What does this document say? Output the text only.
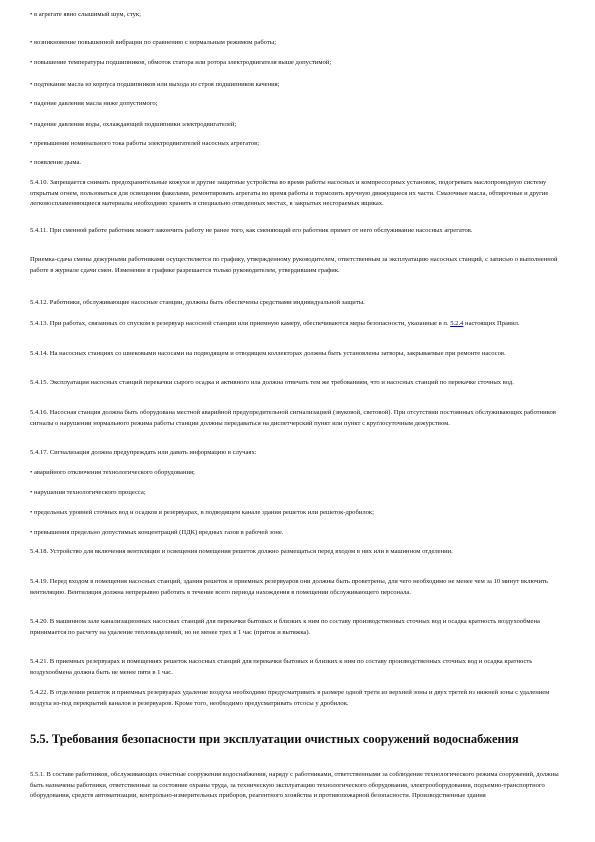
• в агрегате явно слышимый шум, стук;

• возникновение повышенной вибрации по сравнению с нормальным режимом работы;

• повышение температуры подшипников, обмоток статора или ротора электродвигателя выше допустимой;

• подтекание масла из корпуса подшипников или выхода из строя подшипников качения;

• падение давления масла ниже допустимого;

• падение давления воды, охлаждающей подшипники электродвигателей;

• превышение номинального тока работы электродвигателей насосных агрегатов;

• появление дыма.

5.4.10. Запрещается снимать предохранительные кожухи и другие защитные устройства во время работы насосных и компрессорных установок, подогревать маслопроводную систему открытым огнем, пользоваться для освещения факелами, ремонтировать агрегаты во время работы и тормозить вручную движущиеся их части. Смазочные масла, обтирочные и другие легковоспламеняющиеся материалы необходимо хранить в специально отведенных местах, в закрытых несгораемых ящиках.

5.4.11. При сменной работе работник может закончить работу не ранее того, как сменяющий его работник примет от него обслуживание насосных агрегатов.

Приемка-сдача смены дежурными работниками осуществляется по графику, утвержденному руководителем, ответственным за эксплуатацию насосных станций, с записью о выполненной работе в журнале сдачи смен. Изменение в графике разрешается только руководителем, утвердившим график.

5.4.12. Работники, обслуживающие насосные станции, должны быть обеспечены средствами индивидуальной защиты.

5.4.13. При работах, связанных со спуском в резервуар насосной станции или приемную камеру, обеспечиваются меры безопасности, указанные в п. 5.2.4 настоящих Правил.

5.4.14. На насосных станциях со шнековыми насосами на подводящем и отводящем коллекторах должны быть установлены затворы, закрываемые при ремонте насосов.

5.4.15. Эксплуатация насосных станций перекачки сырого осадка и активного ила должна отвечать тем же требованиям, что и насосных станций по перекачке сточных вод.

5.4.16. Насосная станция должна быть оборудована местной аварийной предупредительной сигнализацией (звуковой, световой). При отсутствии постоянных обслуживающих работников сигналы о нарушении нормального режима работы станции должны передаваться на диспетчерский пункт или пункт с круглосуточным дежурством.

5.4.17. Сигнализация должна предупреждать или давать информацию в случаях:

• аварийного отключения технологического оборудования;

• нарушения технологического процесса;

• предельных уровней сточных вод и осадков в резервуарах, в подводящем канале здания решеток или решеток-дробилок;

• превышения предельно допустимых концентраций (ПДК) вредных газов в рабочей зоне.

5.4.18. Устройство для включения вентиляции и освещения помещения решеток должно размещаться перед входом в них или в машинном отделении.

5.4.19. Перед входом в помещения насосных станций, здания решеток и приемных резервуаров они должны быть проветрены, для чего необходимо не менее чем за 10 минут включить вентиляцию. Вентиляция должна непрерывно работать в течение всего периода нахождения в помещении обслуживающего персонала.

5.4.20. В машинном зале канализационных насосных станций для перекачки бытовых и близких к ним по составу производственных сточных вод и осадка кратность воздухообмена принимается по расчету на удаление тепловыделений, но не менее трех в 1 час (приток и вытяжка).

5.4.21. В приемных резервуарах и помещениях решеток насосных станций для перекачки бытовых и близких к ним по составу производственных сточных вод и осадка кратность воздухообмена должна быть не менее пяти в 1 час.

5.4.22. В отделении решеток и приемных резервуарах удаление воздуха необходимо предусматривать в размере одной трети из верхней зоны и двух третей из нижней зоны с удалением воздуха из-под перекрытий каналов и резервуаров. Кроме того, необходимо предусматривать отсосы у дробилок.

5.5. Требования безопасности при эксплуатации очистных сооружений водоснабжения

5.5.1. В составе работников, обслуживающих очистные сооружения водоснабжения, наряду с работниками, ответственными за соблюдение технологического режима сооружений, должны быть назначены работники, ответственные за состояние охраны труда, за техническую эксплуатацию технологического оборудования, электрооборудования, подъемно-транспортного оборудования, средств автоматизации, контрольно-измерительных приборов, реагентного хозяйства и противопожарной безопасности. Производственные здания
